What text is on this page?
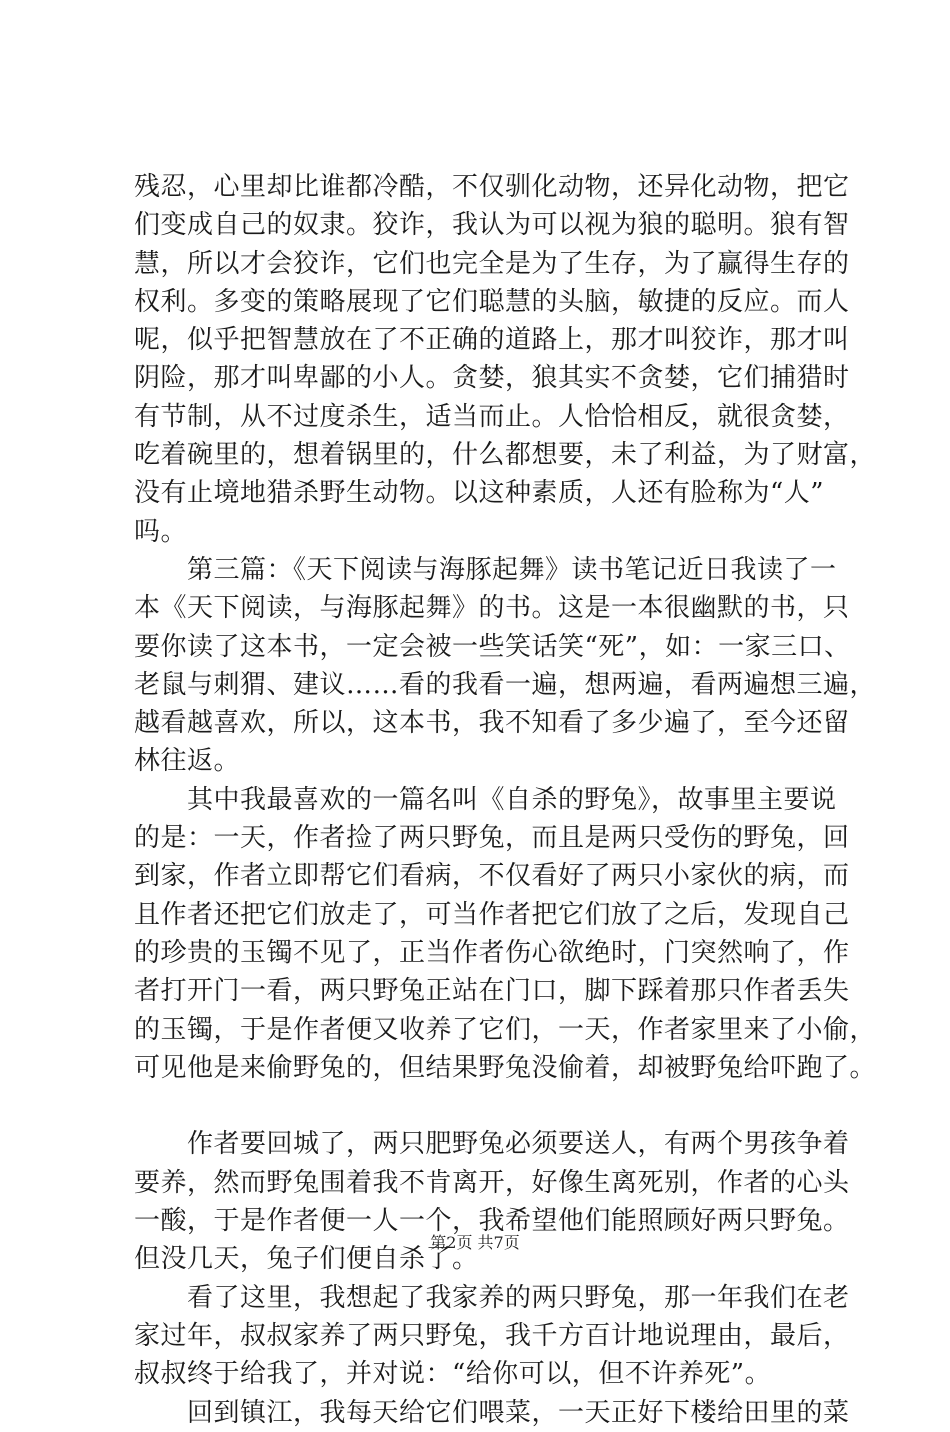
残忍，心里却比谁都冷酷，不仅驯化动物，还异化动物，把它
们变成自己的奴隶。狡诈，我认为可以视为狼的聪明。狼有智
慧，所以才会狡诈，它们也完全是为了生存，为了赢得生存的
权利。多变的策略展现了它们聪慧的头脑，敏捷的反应。而人
呢，似乎把智慧放在了不正确的道路上，那才叫狡诈，那才叫
阴险，那才叫卑鄙的小人。贪婪，狼其实不贪婪，它们捕猎时
有节制，从不过度杀生，适当而止。人恰恰相反，就很贪婪，
吃着碗里的，想着锅里的，什么都想要，未了利益，为了财富，
没有止境地猎杀野生动物。以这种素质，人还有脸称为“人”
吗。
　　第三篇：《天下阅读与海豚起舞》读书笔记近日我读了一
本《天下阅读，与海豚起舞》的书。这是一本很幽默的书，只
要你读了这本书，一定会被一些笑话笑“死”，如：一家三口、
老鼠与刺猬、建议……看的我看一遍，想两遍，看两遍想三遍，
越看越喜欢，所以，这本书，我不知看了多少遍了，至今还留
林往返。
　　其中我最喜欢的一篇名叫《自杀的野兔》，故事里主要说
的是：一天，作者捡了两只野兔，而且是两只受伤的野兔，回
到家，作者立即帮它们看病，不仅看好了两只小家伙的病，而
且作者还把它们放走了，可当作者把它们放了之后，发现自己
的珍贵的玉镯不见了，正当作者伤心欲绝时，门突然响了，作
者打开门一看，两只野兔正站在门口，脚下踩着那只作者丢失
的玉镯，于是作者便又收养了它们，一天，作者家里来了小偷，
可见他是来偷野兔的，但结果野兔没偷着，却被野兔给吓跑了。
　　作者要回城了，两只肥野兔必须要送人，有两个男孩争着
要养，然而野兔围着我不肯离开，好像生离死别，作者的心头
一酸，于是作者便一人一个，我希望他们能照顾好两只野兔。
但没几天，兔子们便自杀了。
　　看了这里，我想起了我家养的两只野兔，那一年我们在老
家过年，叔叔家养了两只野兔，我千方百计地说理由，最后，
叔叔终于给我了，并对说：“给你可以，但不许养死”。
　　回到镇江，我每天给它们喂菜，一天正好下楼给田里的菜
第2页 共7页
